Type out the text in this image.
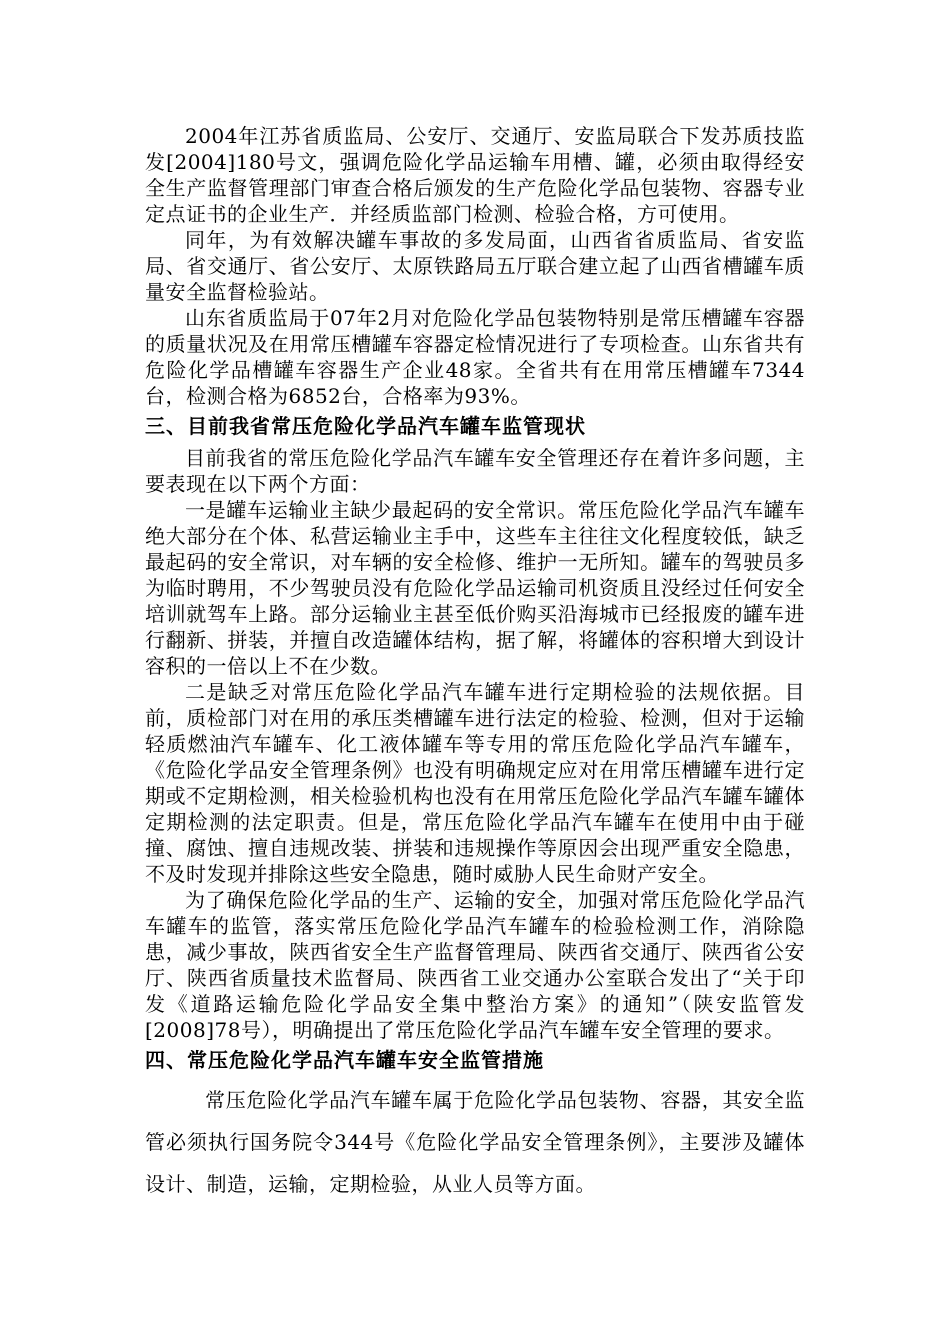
2004年江苏省质监局、公安厅、交通厅、安监局联合下发苏质技监发[2004]180号文，强调危险化学品运输车用槽、罐，必须由取得经安全生产监督管理部门审查合格后颁发的生产危险化学品包装物、容器专业定点证书的企业生产．并经质监部门检测、检验合格，方可使用。

同年，为有效解决罐车事故的多发局面，山西省省质监局、省安监局、省交通厅、省公安厅、太原铁路局五厅联合建立起了山西省槽罐车质量安全监督检验站。

山东省质监局于07年2月对危险化学品包装物特别是常压槽罐车容器的质量状况及在用常压槽罐车容器定检情况进行了专项检查。山东省共有危险化学品槽罐车容器生产企业48家。全省共有在用常压槽罐车7344台，检测合格为6852台，合格率为93%。

三、目前我省常压危险化学品汽车罐车监管现状

目前我省的常压危险化学品汽车罐车安全管理还存在着许多问题，主要表现在以下两个方面：

一是罐车运输业主缺少最起码的安全常识。常压危险化学品汽车罐车绝大部分在个体、私营运输业主手中，这些车主往往文化程度较低，缺乏最起码的安全常识，对车辆的安全检修、维护一无所知。罐车的驾驶员多为临时聘用，不少驾驶员没有危险化学品运输司机资质且没经过任何安全培训就驾车上路。部分运输业主甚至低价购买沿海城市已经报废的罐车进行翻新、拼装，并擅自改造罐体结构，据了解，将罐体的容积增大到设计容积的一倍以上不在少数。

二是缺乏对常压危险化学品汽车罐车进行定期检验的法规依据。目前，质检部门对在用的承压类槽罐车进行法定的检验、检测，但对于运输轻质燃油汽车罐车、化工液体罐车等专用的常压危险化学品汽车罐车，《危险化学品安全管理条例》也没有明确规定应对在用常压槽罐车进行定期或不定期检测，相关检验机构也没有在用常压危险化学品汽车罐车罐体定期检测的法定职责。但是，常压危险化学品汽车罐车在使用中由于碰撞、腐蚀、擅自违规改装、拼装和违规操作等原因会出现严重安全隐患，不及时发现并排除这些安全隐患，随时威胁人民生命财产安全。

为了确保危险化学品的生产、运输的安全，加强对常压危险化学品汽车罐车的监管，落实常压危险化学品汽车罐车的检验检测工作，消除隐患，减少事故，陕西省安全生产监督管理局、陕西省交通厅、陕西省公安厅、陕西省质量技术监督局、陕西省工业交通办公室联合发出了“关于印发《道路运输危险化学品安全集中整治方案》的通知”（陕安监管发[2008]78号），明确提出了常压危险化学品汽车罐车安全管理的要求。

四、常压危险化学品汽车罐车安全监管措施

常压危险化学品汽车罐车属于危险化学品包装物、容器，其安全监管必须执行国务院令344号《危险化学品安全管理条例》，主要涉及罐体设计、制造，运输，定期检验，从业人员等方面。
